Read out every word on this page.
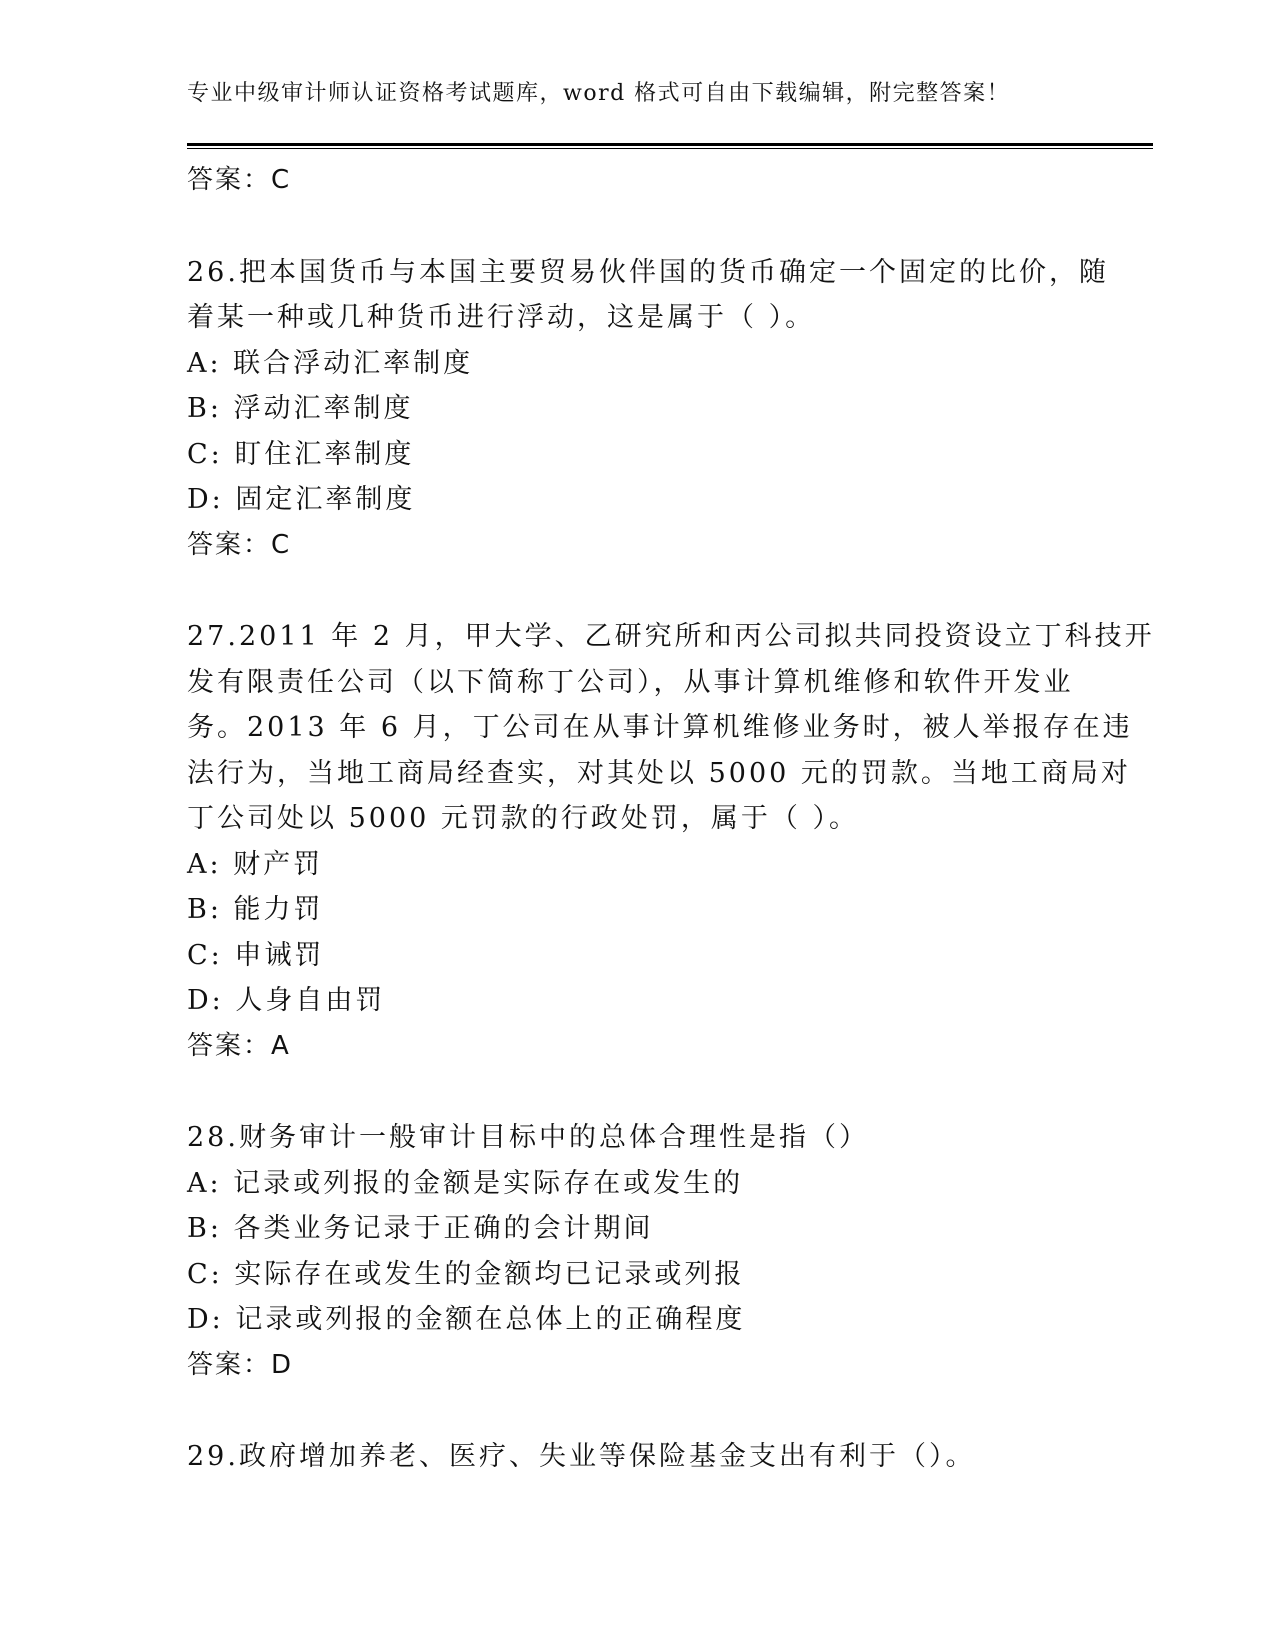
专业中级审计师认证资格考试题库，word 格式可自由下载编辑，附完整答案！
答案：C
26.把本国货币与本国主要贸易伙伴国的货币确定一个固定的比价，随
着某一种或几种货币进行浮动，这是属于（ ）。
A: 联合浮动汇率制度
B: 浮动汇率制度
C: 盯住汇率制度
D: 固定汇率制度
答案：C
27.2011 年 2 月，甲大学、乙研究所和丙公司拟共同投资设立丁科技开
发有限责任公司（以下简称丁公司），从事计算机维修和软件开发业
务。2013 年 6 月，丁公司在从事计算机维修业务时，被人举报存在违
法行为，当地工商局经查实，对其处以 5000 元的罚款。当地工商局对
丁公司处以 5000 元罚款的行政处罚，属于（ ）。
A: 财产罚
B: 能力罚
C: 申诫罚
D: 人身自由罚
答案：A
28.财务审计一般审计目标中的总体合理性是指（）
A: 记录或列报的金额是实际存在或发生的
B: 各类业务记录于正确的会计期间
C: 实际存在或发生的金额均已记录或列报
D: 记录或列报的金额在总体上的正确程度
答案：D
29.政府增加养老、医疗、失业等保险基金支出有利于（）。
